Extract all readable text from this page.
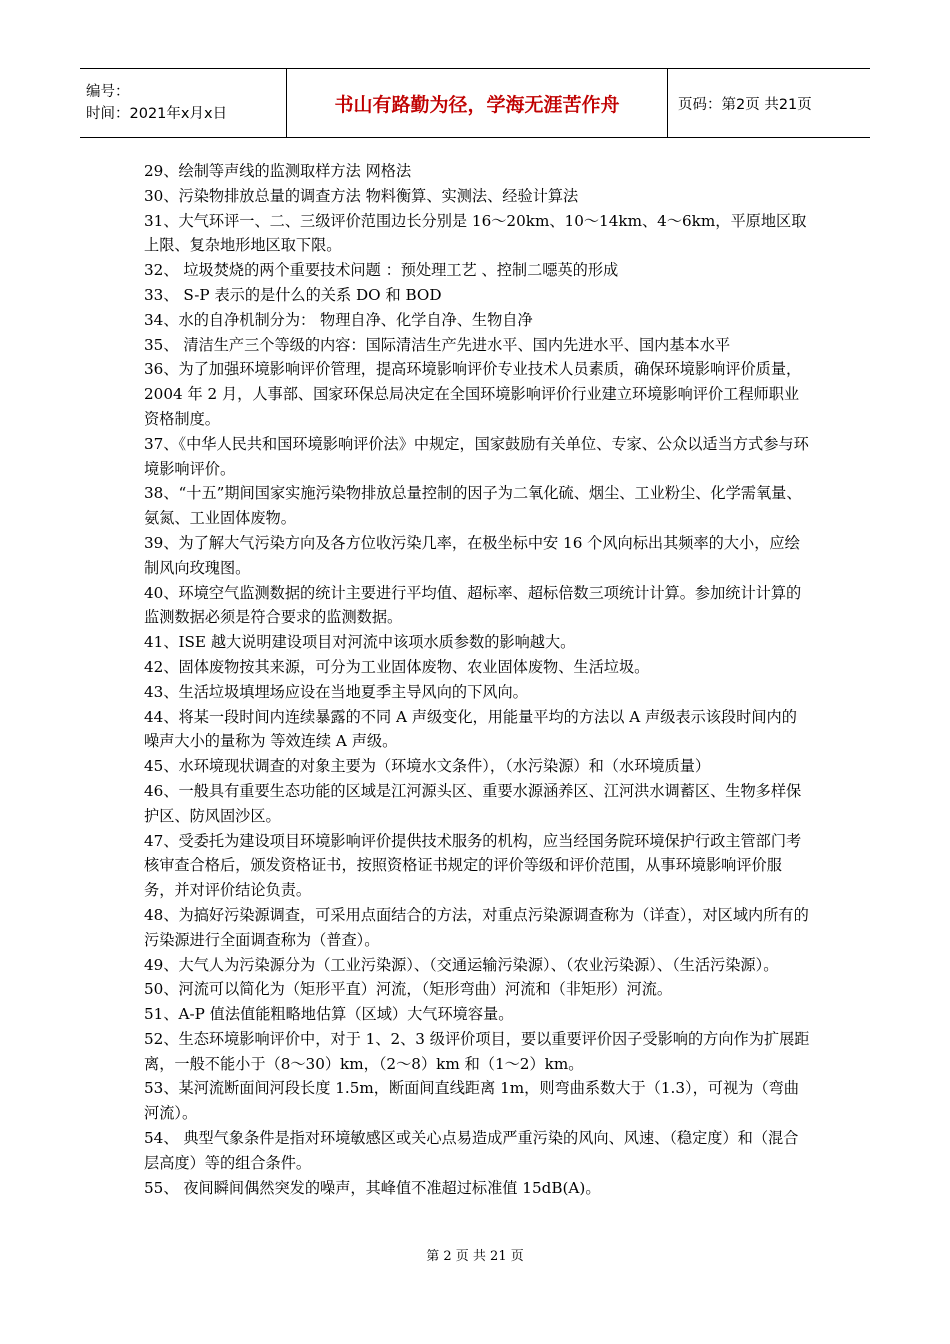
编号：
时间：2021年x月x日	书山有路勤为径，学海无涯苦作舟	页码：第2页 共21页

29、绘制等声线的监测取样方法 网格法

30、污染物排放总量的调查方法 物料衡算、实测法、经验计算法

31、大气环评一、二、三级评价范围边长分别是 16～20km、10～14km、4～6km，平原地区取上限、复杂地形地区取下限。

32、 垃圾焚烧的两个重要技术问题 ：预处理工艺 、控制二噁英的形成

33、 S-P 表示的是什么的关系 DO 和 BOD

34、水的自净机制分为： 物理自净、化学自净、生物自净

35、 清洁生产三个等级的内容：国际清洁生产先进水平、国内先进水平、国内基本水平

36、为了加强环境影响评价管理，提高环境影响评价专业技术人员素质，确保环境影响评价质量，2004 年 2 月，人事部、国家环保总局决定在全国环境影响评价行业建立环境影响评价工程师职业资格制度。

37、《中华人民共和国环境影响评价法》中规定，国家鼓励有关单位、专家、公众以适当方式参与环境影响评价。

38、“十五”期间国家实施污染物排放总量控制的因子为二氧化硫、烟尘、工业粉尘、化学需氧量、氨氮、工业固体废物。

39、为了解大气污染方向及各方位收污染几率，在极坐标中安 16 个风向标出其频率的大小，应绘制风向玫瑰图。

40、环境空气监测数据的统计主要进行平均值、超标率、超标倍数三项统计计算。参加统计计算的监测数据必须是符合要求的监测数据。

41、ISE 越大说明建设项目对河流中该项水质参数的影响越大。

42、固体废物按其来源，可分为工业固体废物、农业固体废物、生活垃圾。

43、生活垃圾填埋场应设在当地夏季主导风向的下风向。

44、将某一段时间内连续暴露的不同 A 声级变化，用能量平均的方法以 A 声级表示该段时间内的噪声大小的量称为 等效连续 A 声级。

45、水环境现状调查的对象主要为（环境水文条件），（水污染源）和（水环境质量）

46、一般具有重要生态功能的区域是江河源头区、重要水源涵养区、江河洪水调蓄区、生物多样保护区、防风固沙区。

47、受委托为建设项目环境影响评价提供技术服务的机构，应当经国务院环境保护行政主管部门考核审查合格后，颁发资格证书，按照资格证书规定的评价等级和评价范围，从事环境影响评价服务，并对评价结论负责。

48、为搞好污染源调查，可采用点面结合的方法，对重点污染源调查称为（详查），对区域内所有的污染源进行全面调查称为（普查）。

49、大气人为污染源分为（工业污染源）、（交通运输污染源）、（农业污染源）、（生活污染源）。

50、河流可以简化为（矩形平直）河流，（矩形弯曲）河流和（非矩形）河流。

51、A-P 值法值能粗略地估算（区域）大气环境容量。

52、生态环境影响评价中，对于 1、2、3 级评价项目，要以重要评价因子受影响的方向作为扩展距离，一般不能小于（8～30）km，（2～8）km 和（1～2）km。

53、某河流断面间河段长度 1.5m，断面间直线距离 1m，则弯曲系数大于（1.3），可视为（弯曲河流）。

54、 典型气象条件是指对环境敏感区或关心点易造成严重污染的风向、风速、（稳定度）和（混合层高度）等的组合条件。

55、 夜间瞬间偶然突发的噪声，其峰值不准超过标准值 15dB(A)。

第 2 页 共 21 页
